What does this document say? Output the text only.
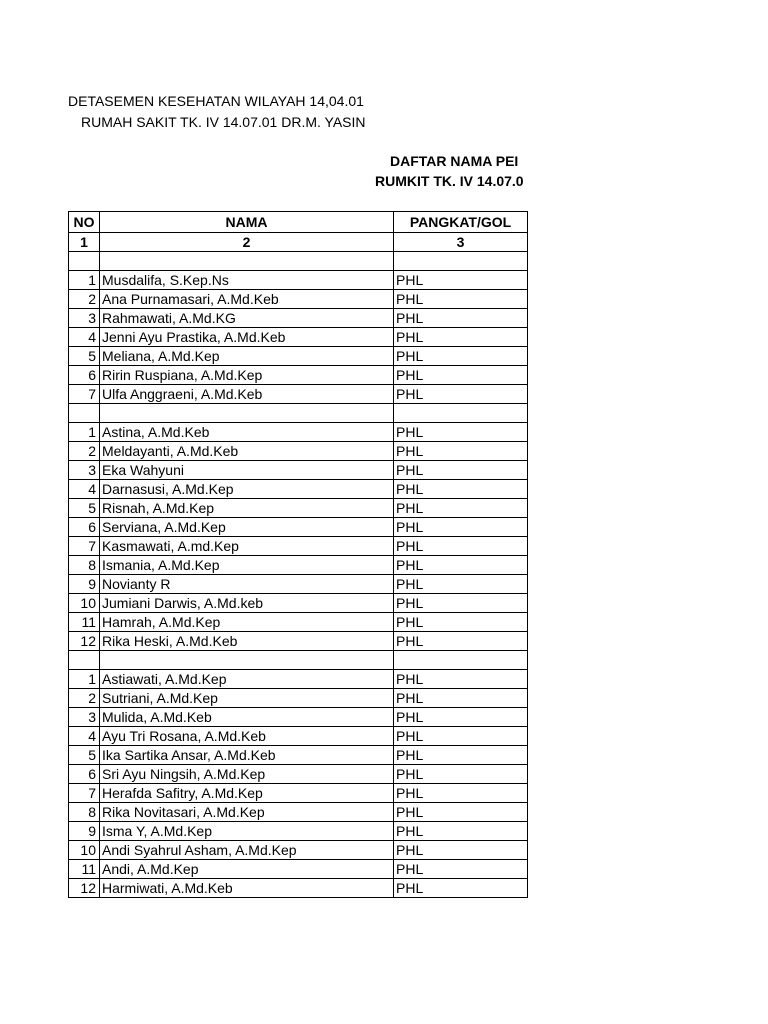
DETASEMEN KESEHATAN WILAYAH 14,04.01
RUMAH SAKIT TK. IV 14.07.01 DR.M. YASIN
DAFTAR NAMA PEI
RUMKIT TK. IV 14.07.0
NO	NAMA	PANGKAT/GOL
1	2	3

1	Musdalifa, S.Kep.Ns	PHL
2	Ana Purnamasari, A.Md.Keb	PHL
3	Rahmawati, A.Md.KG	PHL
4	Jenni Ayu Prastika, A.Md.Keb	PHL
5	Meliana, A.Md.Kep	PHL
6	Ririn Ruspiana, A.Md.Kep	PHL
7	Ulfa Anggraeni, A.Md.Keb	PHL

1	Astina, A.Md.Keb	PHL
2	Meldayanti, A.Md.Keb	PHL
3	Eka Wahyuni	PHL
4	Darnasusi, A.Md.Kep	PHL
5	Risnah, A.Md.Kep	PHL
6	Serviana, A.Md.Kep	PHL
7	Kasmawati, A.md.Kep	PHL
8	Ismania, A.Md.Kep	PHL
9	Novianty R	PHL
10	Jumiani Darwis, A.Md.keb	PHL
11	Hamrah, A.Md.Kep	PHL
12	Rika Heski, A.Md.Keb	PHL

1	Astiawati, A.Md.Kep	PHL
2	Sutriani, A.Md.Kep	PHL
3	Mulida, A.Md.Keb	PHL
4	Ayu Tri Rosana, A.Md.Keb	PHL
5	Ika Sartika Ansar, A.Md.Keb	PHL
6	Sri Ayu Ningsih, A.Md.Kep	PHL
7	Herafda Safitry, A.Md.Kep	PHL
8	Rika Novitasari, A.Md.Kep	PHL
9	Isma Y, A.Md.Kep	PHL
10	Andi Syahrul Asham, A.Md.Kep	PHL
11	Andi, A.Md.Kep	PHL
12	Harmiwati, A.Md.Keb	PHL
